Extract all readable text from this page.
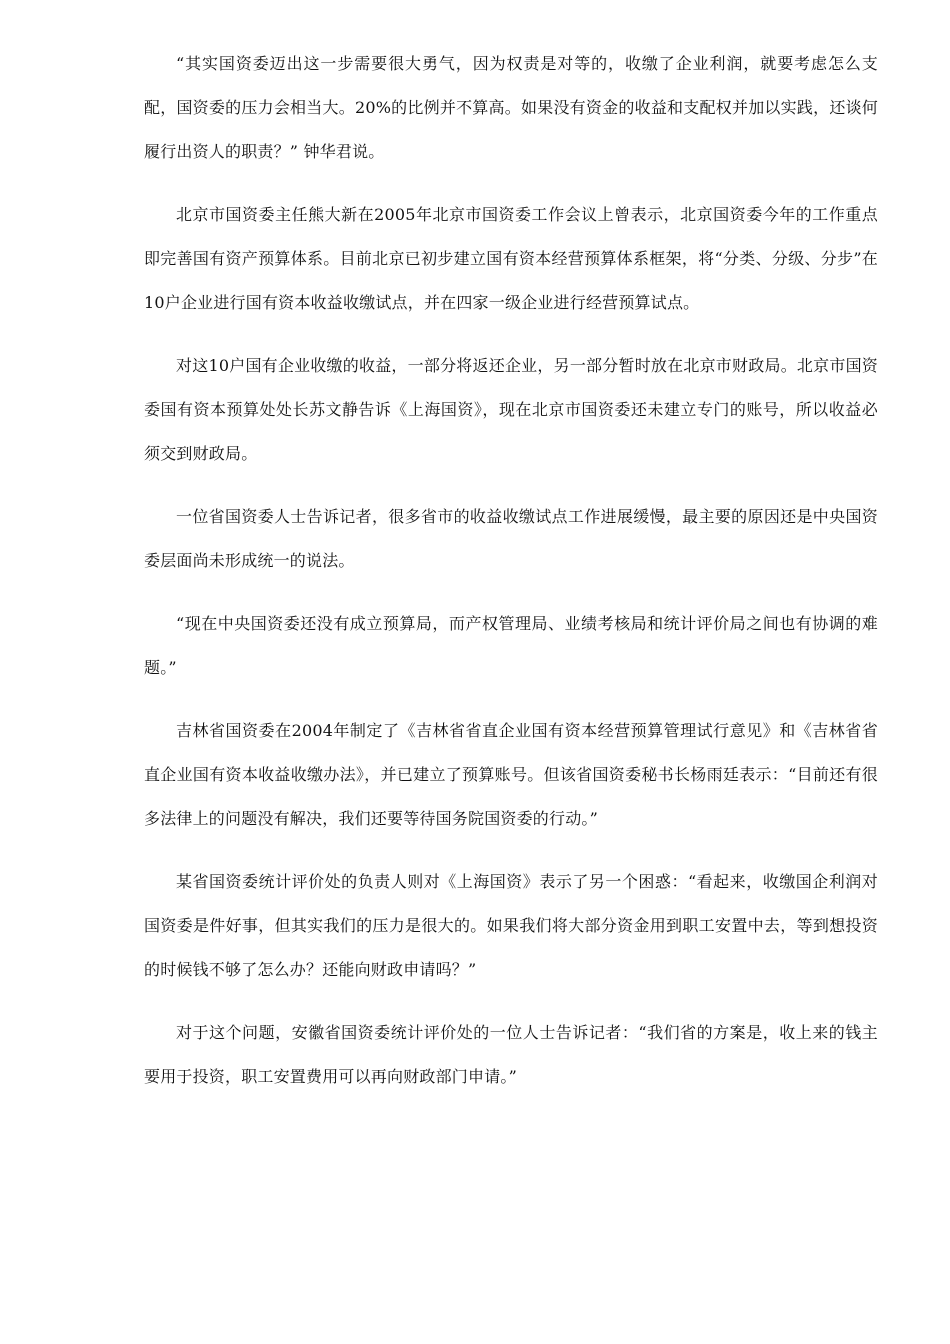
“其实国资委迈出这一步需要很大勇气，因为权责是对等的，收缴了企业利润，就要考虑怎么支配，国资委的压力会相当大。20%的比例并不算高。如果没有资金的收益和支配权并加以实践，还谈何履行出资人的职责？” 钟华君说。

北京市国资委主任熊大新在2005年北京市国资委工作会议上曾表示，北京国资委今年的工作重点即完善国有资产预算体系。目前北京已初步建立国有资本经营预算体系框架，将“分类、分级、分步”在10户企业进行国有资本收益收缴试点，并在四家一级企业进行经营预算试点。

对这10户国有企业收缴的收益，一部分将返还企业，另一部分暂时放在北京市财政局。北京市国资委国有资本预算处处长苏文静告诉《上海国资》，现在北京市国资委还未建立专门的账号，所以收益必须交到财政局。

一位省国资委人士告诉记者，很多省市的收益收缴试点工作进展缓慢，最主要的原因还是中央国资委层面尚未形成统一的说法。

“现在中央国资委还没有成立预算局，而产权管理局、业绩考核局和统计评价局之间也有协调的难题。”

吉林省国资委在2004年制定了《吉林省省直企业国有资本经营预算管理试行意见》和《吉林省省直企业国有资本收益收缴办法》，并已建立了预算账号。但该省国资委秘书长杨雨廷表示：“目前还有很多法律上的问题没有解决，我们还要等待国务院国资委的行动。”

某省国资委统计评价处的负责人则对《上海国资》表示了另一个困惑：“看起来，收缴国企利润对国资委是件好事，但其实我们的压力是很大的。如果我们将大部分资金用到职工安置中去，等到想投资的时候钱不够了怎么办？还能向财政申请吗？”

对于这个问题，安徽省国资委统计评价处的一位人士告诉记者：“我们省的方案是，收上来的钱主要用于投资，职工安置费用可以再向财政部门申请。”
